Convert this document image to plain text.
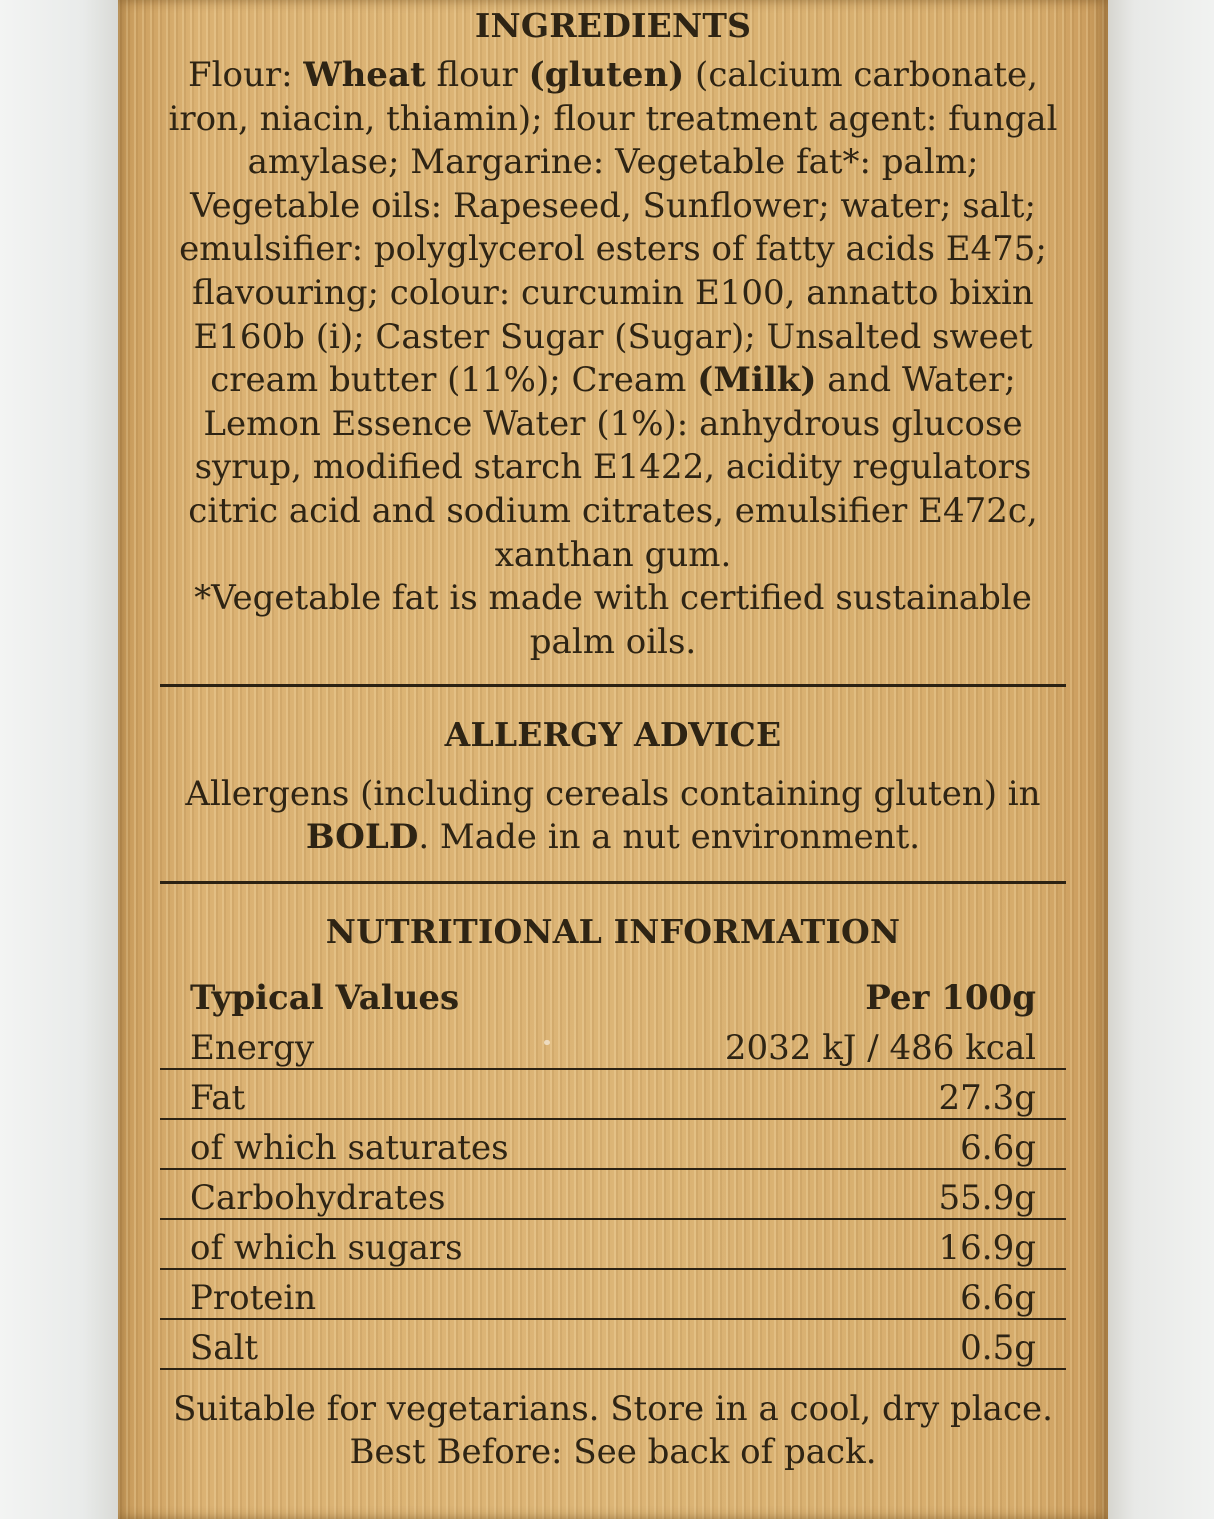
INGREDIENTS

Flour: Wheat flour (gluten) (calcium carbonate, iron, niacin, thiamin); flour treatment agent: fungal amylase; Margarine: Vegetable fat*: palm; Vegetable oils: Rapeseed, Sunflower; water; salt; emulsifier: polyglycerol esters of fatty acids E475; flavouring; colour: curcumin E100, annatto bixin E160b (i); Caster Sugar (Sugar); Unsalted sweet cream butter (11%); Cream (Milk) and Water; Lemon Essence Water (1%): anhydrous glucose syrup, modified starch E1422, acidity regulators citric acid and sodium citrates, emulsifier E472c, xanthan gum.

*Vegetable fat is made with certified sustainable palm oils.

ALLERGY ADVICE

Allergens (including cereals containing gluten) in BOLD. Made in a nut environment.

NUTRITIONAL INFORMATION
Typical Values	Per 100g
Energy	2032 kJ / 486 kcal
Fat	27.3g
of which saturates	6.6g
Carbohydrates	55.9g
of which sugars	16.9g
Protein	6.6g
Salt	0.5g
Suitable for vegetarians. Store in a cool, dry place.
Best Before: See back of pack.
